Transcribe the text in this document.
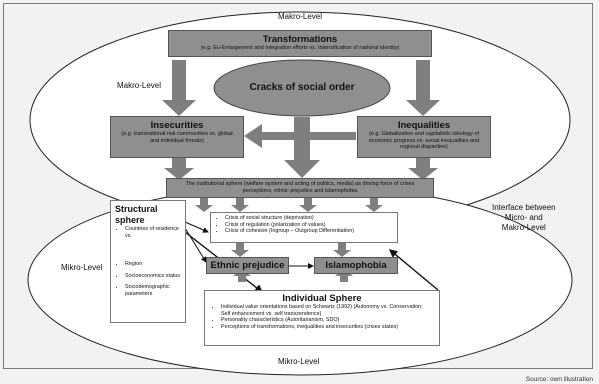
Makro-Level
Makro-Level
Mikro-Level
Mikro-Level
Interface between
Micro- and
Makro-Level
Transformations
(e.g. Eu-Enlargement and Integration efforts vs. Intensification of national identity)
Cracks of social order
Insecurities
(e.g. transnational risk communities vs. global and individual threats)
Inequalities
(e.g. Globalization and capitalistic ideology of economic progress vs. social inequalities and regional disparities)
The institutional sphere (welfare system and acting of politics, media) as driving force of crises perceptions, ethnic prejudice and islamophobia
Structural sphere
• Countries of residence vs.
• Region
• Socioeconomics status
• Sociodemographic parameters
• Crisis of social structure (deprivation)
• Crisis of regulation (polarization of values)
• Crisis of cohesion (Ingroup – Outgroup Differentiation)
Ethnic prejudice	Islamophobia
Individual Sphere
• Individual value orientations based on Schwartz (1992) (Autonomy vs. Conservation; Self enhancement vs. self transzendence)
• Personality characteristics (Autoritarianism, SDO)
• Perceptions of transformations, inequalities and insecurities (crises states)
Source: own illustration
